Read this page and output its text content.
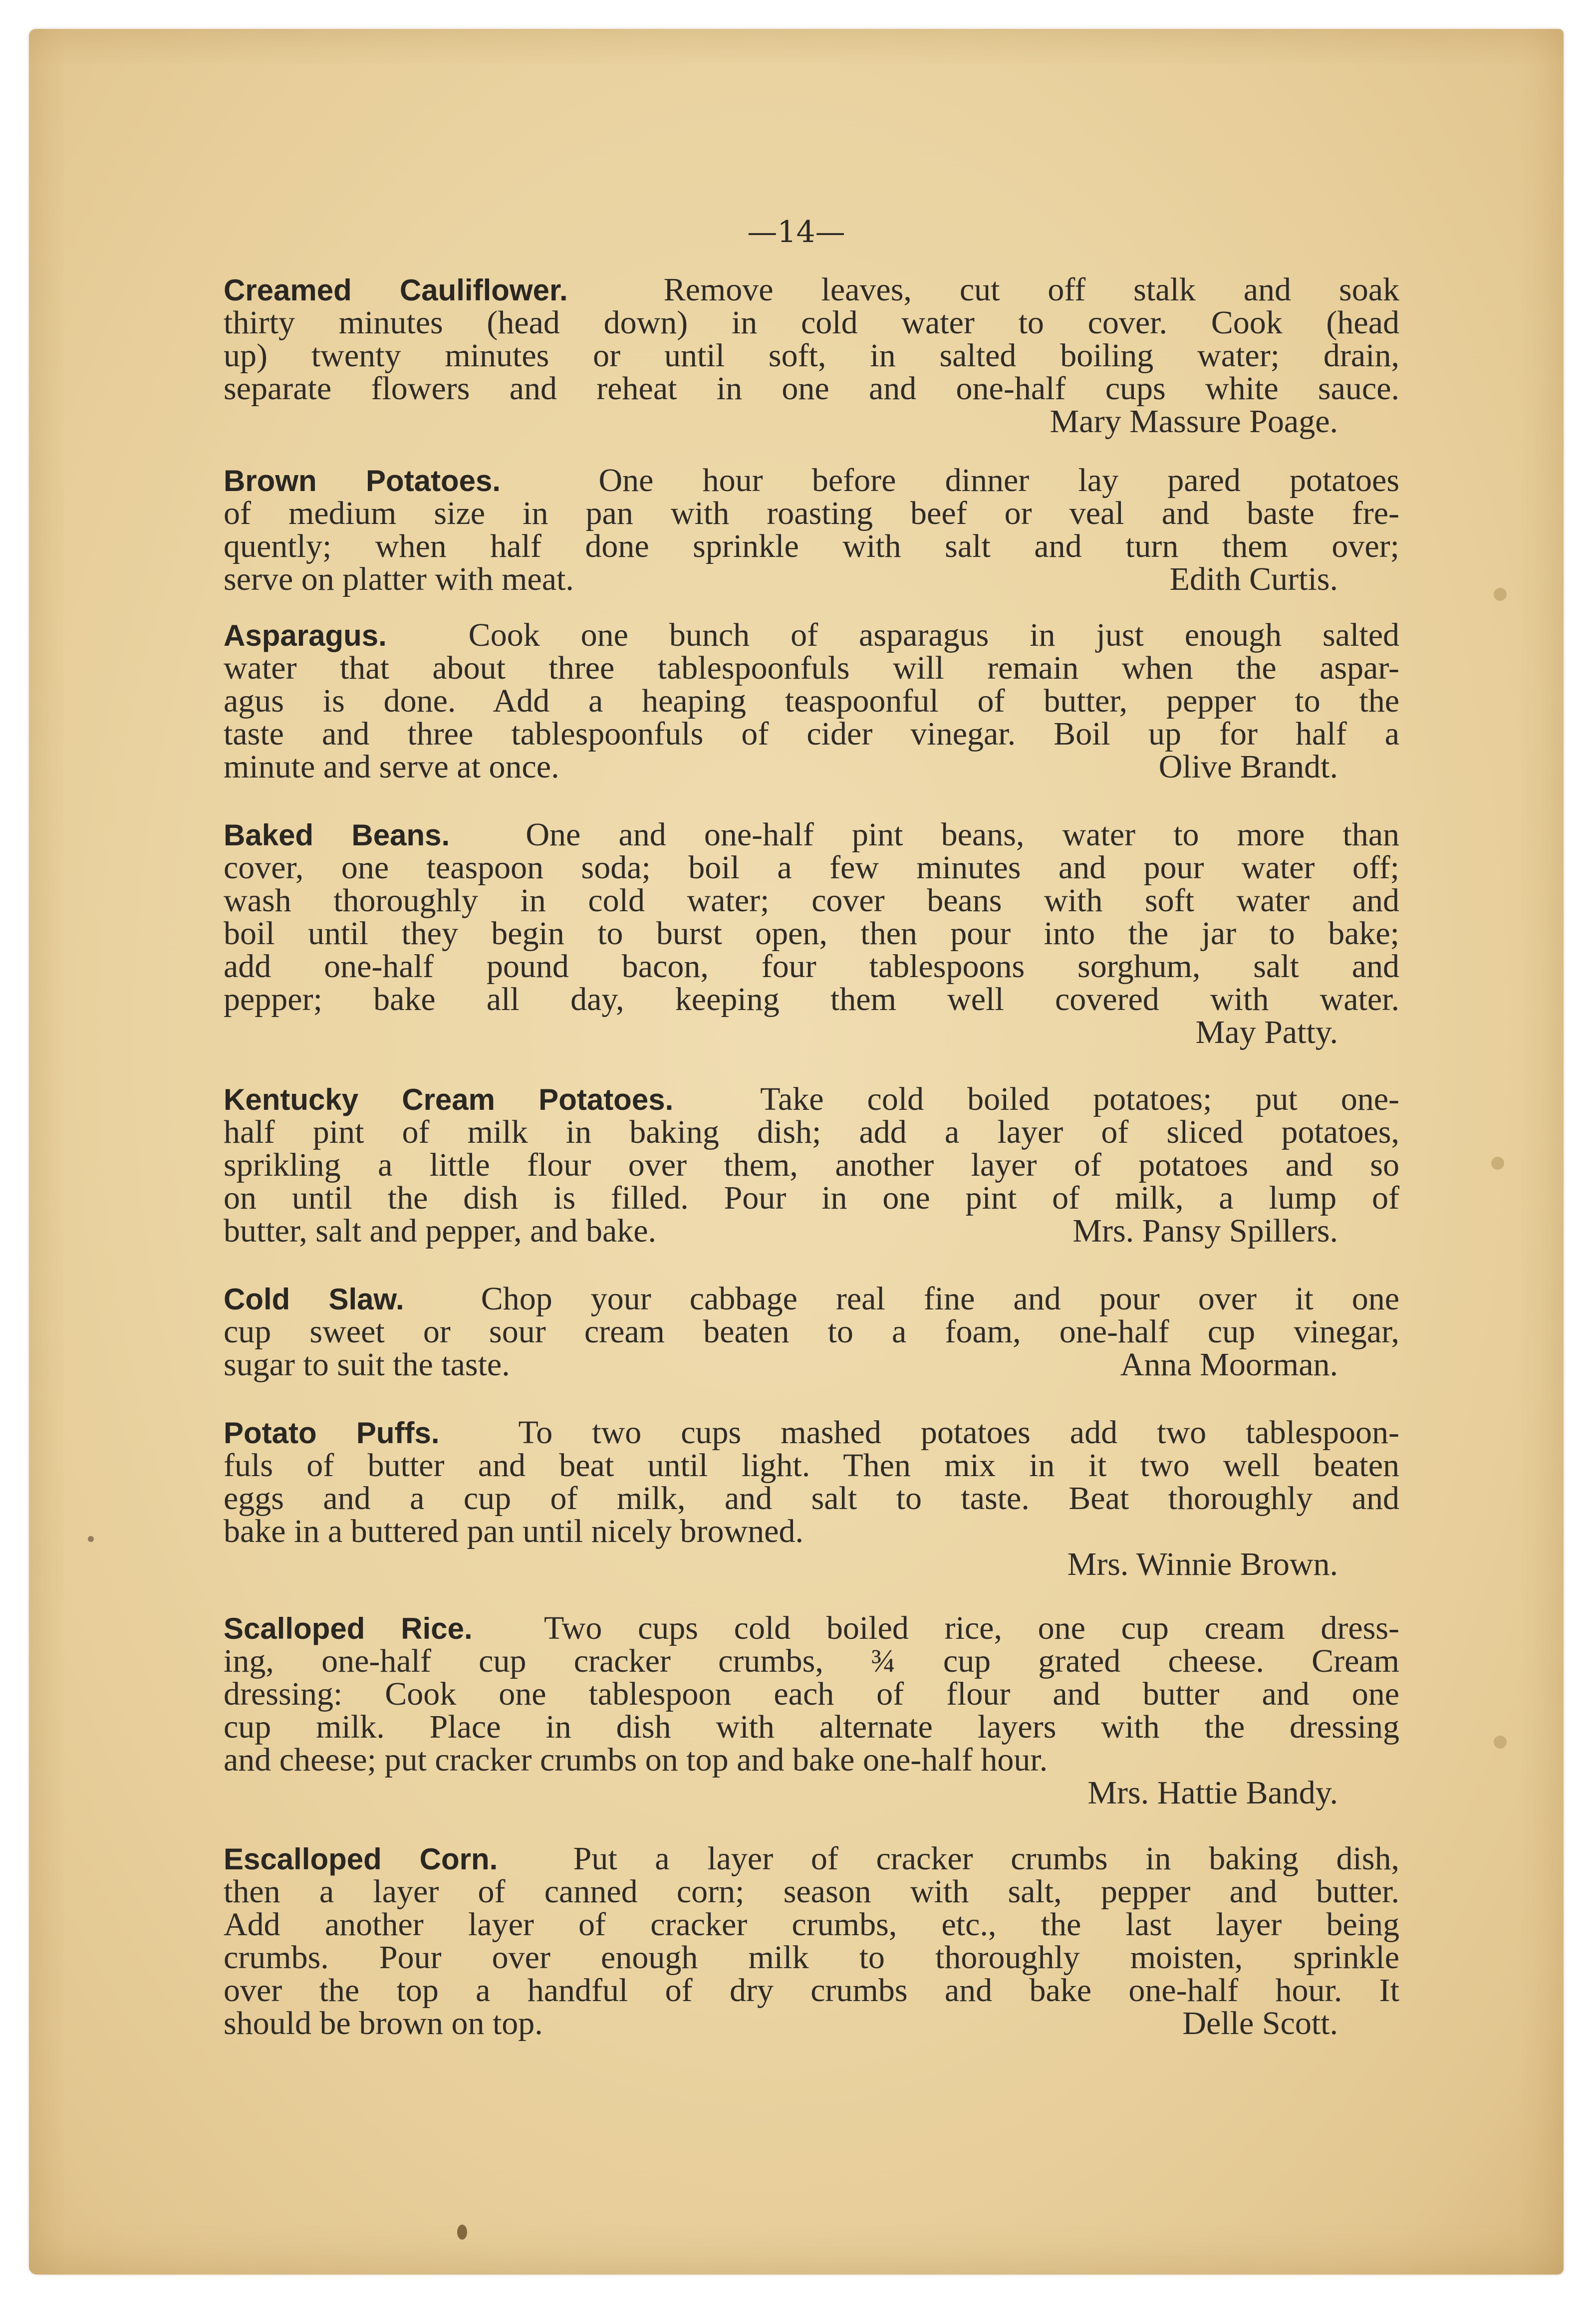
—14—
Creamed Cauliflower.	Remove leaves, cut off stalk and soak
thirty minutes (head down) in cold water to cover. Cook (head
up) twenty minutes or until soft, in salted boiling water; drain,
separate flowers and reheat in one and one-half cups white sauce.
Mary Massure Poage.
Brown Potatoes.	One hour before dinner lay pared potatoes
of medium size in pan with roasting beef or veal and baste fre-
quently; when half done sprinkle with salt and turn them over;
serve on platter with meat.	Edith Curtis.
Asparagus. Cook one bunch of asparagus in just enough salted
water that about three tablespoonfuls will remain when the aspar-
agus is done. Add a heaping teaspoonful of butter, pepper to the
taste and three tablespoonfuls of cider vinegar. Boil up for half a
minute and serve at once.	Olive Brandt.
Baked Beans. One and one-half pint beans, water to more than
cover, one teaspoon soda; boil a few minutes and pour water off;
wash thoroughly in cold water; cover beans with soft water and
boil until they begin to burst open, then pour into the jar to bake;
add one-half pound bacon, four tablespoons sorghum, salt and
pepper; bake all day, keeping them well covered with water.
May Patty.
Kentucky Cream Potatoes.	Take cold boiled potatoes; put one-
half pint of milk in baking dish; add a layer of sliced potatoes,
sprikling a little flour over them, another layer of potatoes and so
on until the dish is filled. Pour in one pint of milk, a lump of
butter, salt and pepper, and bake.	Mrs. Pansy Spillers.
Cold Slaw. Chop your cabbage real fine and pour over it one
cup sweet or sour cream beaten to a foam, one-half cup vinegar,
sugar to suit the taste.	Anna Moorman.
Potato Puffs. To two cups mashed potatoes add two tablespoon-
fuls of butter and beat until light. Then mix in it two well beaten
eggs and a cup of milk, and salt to taste. Beat thoroughly and
bake in a buttered pan until nicely browned.
Mrs. Winnie Brown.
Scalloped Rice. Two cups cold boiled rice, one cup cream dress-
ing, one-half cup cracker crumbs, ¾ cup grated cheese. Cream
dressing: Cook one tablespoon each of flour and butter and one
cup milk. Place in dish with alternate layers with the dressing
and cheese; put cracker crumbs on top and bake one-half hour.
Mrs. Hattie Bandy.
Escalloped Corn. Put a layer of cracker crumbs in baking dish,
then a layer of canned corn; season with salt, pepper and butter.
Add another layer of cracker crumbs, etc., the last layer being
crumbs. Pour over enough milk to thoroughly moisten, sprinkle
over the top a handful of dry crumbs and bake one-half hour. It
should be brown on top.	Delle Scott.
